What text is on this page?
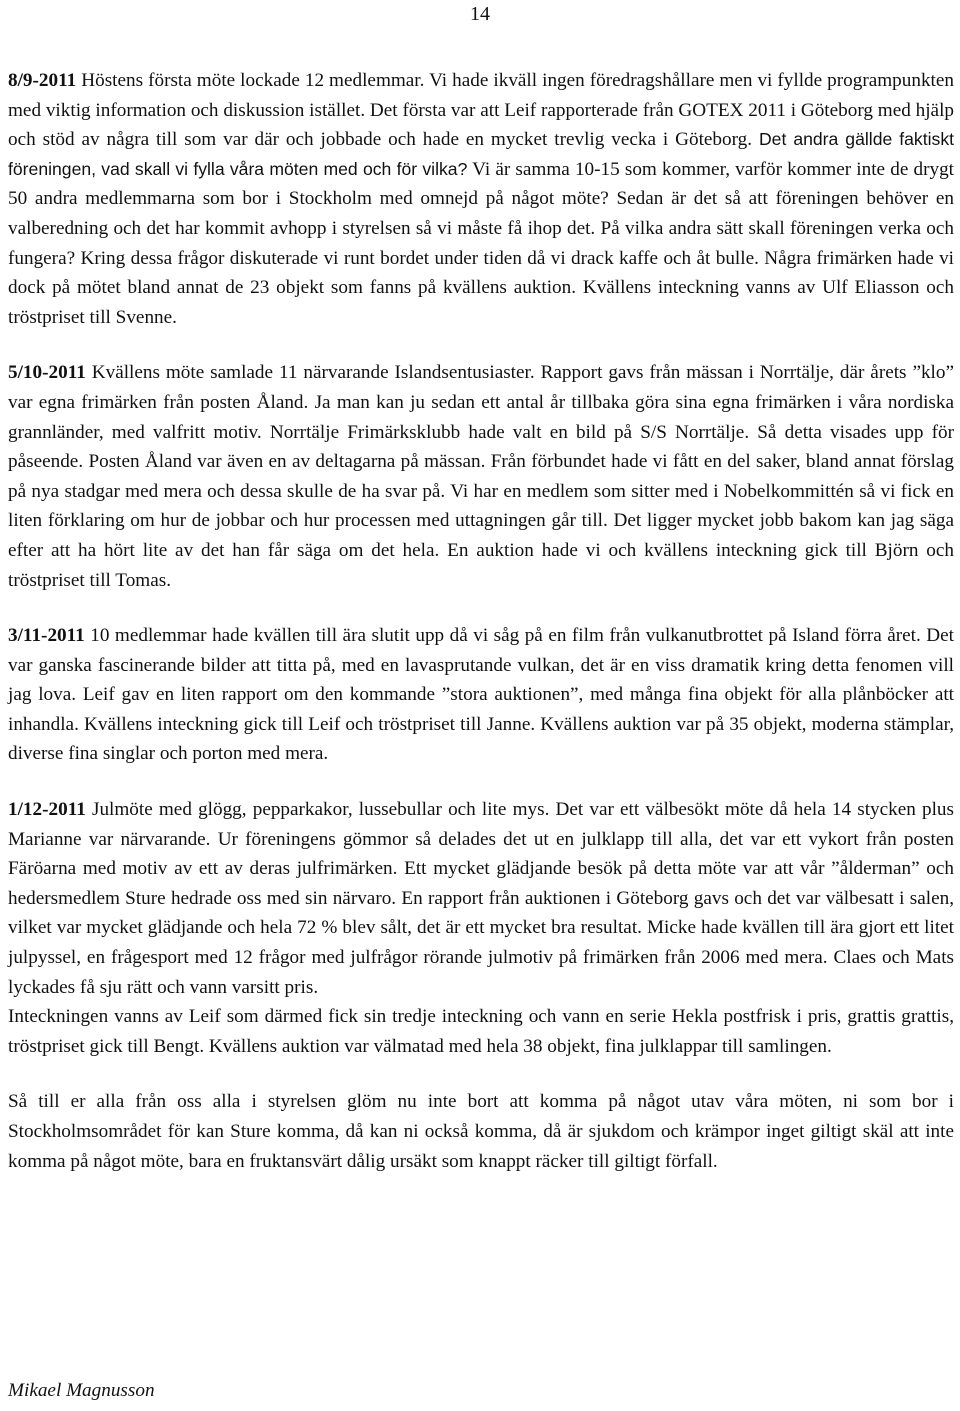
14

8/9-2011 Höstens första möte lockade 12 medlemmar. Vi hade ikväll ingen föredragshållare men vi fyllde programpunkten med viktig information och diskussion istället. Det första var att Leif rapporterade från GOTEX 2011 i Göteborg med hjälp och stöd av några till som var där och jobbade och hade en mycket trevlig vecka i Göteborg. Det andra gällde faktiskt föreningen, vad skall vi fylla våra möten med och för vilka? Vi är samma 10-15 som kommer, varför kommer inte de drygt 50 andra medlemmarna som bor i Stockholm med omnejd på något möte? Sedan är det så att föreningen behöver en valberedning och det har kommit avhopp i styrelsen så vi måste få ihop det. På vilka andra sätt skall föreningen verka och fungera? Kring dessa frågor diskuterade vi runt bordet under tiden då vi drack kaffe och åt bulle. Några frimärken hade vi dock på mötet bland annat de 23 objekt som fanns på kvällens auktion. Kvällens inteckning vanns av Ulf Eliasson och tröstpriset till Svenne.

5/10-2011 Kvällens möte samlade 11 närvarande Islandsentusiaster. Rapport gavs från mässan i Norrtälje, där årets ”klo” var egna frimärken från posten Åland. Ja man kan ju sedan ett antal år tillbaka göra sina egna frimärken i våra nordiska grannländer, med valfritt motiv. Norrtälje Frimärksklubb hade valt en bild på S/S Norrtälje. Så detta visades upp för påseende. Posten Åland var även en av deltagarna på mässan. Från förbundet hade vi fått en del saker, bland annat förslag på nya stadgar med mera och dessa skulle de ha svar på. Vi har en medlem som sitter med i Nobelkommittén så vi fick en liten förklaring om hur de jobbar och hur processen med uttagningen går till. Det ligger mycket jobb bakom kan jag säga efter att ha hört lite av det han får säga om det hela. En auktion hade vi och kvällens inteckning gick till Björn och tröstpriset till Tomas.

3/11-2011 10 medlemmar hade kvällen till ära slutit upp då vi såg på en film från vulkanutbrottet på Island förra året. Det var ganska fascinerande bilder att titta på, med en lavasprutande vulkan, det är en viss dramatik kring detta fenomen vill jag lova. Leif gav en liten rapport om den kommande ”stora auktionen”, med många fina objekt för alla plånböcker att inhandla. Kvällens inteckning gick till Leif och tröstpriset till Janne. Kvällens auktion var på 35 objekt, moderna stämplar, diverse fina singlar och porton med mera.

1/12-2011 Julmöte med glögg, pepparkakor, lussebullar och lite mys. Det var ett välbesökt möte då hela 14 stycken plus Marianne var närvarande. Ur föreningens gömmor så delades det ut en julklapp till alla, det var ett vykort från posten Färöarna med motiv av ett av deras julfrimärken. Ett mycket glädjande besök på detta möte var att vår ”ålderman” och hedersmedlem Sture hedrade oss med sin närvaro. En rapport från auktionen i Göteborg gavs och det var välbesatt i salen, vilket var mycket glädjande och hela 72 % blev sålt, det är ett mycket bra resultat. Micke hade kvällen till ära gjort ett litet julpyssel, en frågesport med 12 frågor med julfrågor rörande julmotiv på frimärken från 2006 med mera. Claes och Mats lyckades få sju rätt och vann varsitt pris.

Inteckningen vanns av Leif som därmed fick sin tredje inteckning och vann en serie Hekla postfrisk i pris, grattis grattis, tröstpriset gick till Bengt. Kvällens auktion var välmatad med hela 38 objekt, fina julklappar till samlingen.

Så till er alla från oss alla i styrelsen glöm nu inte bort att komma på något utav våra möten, ni som bor i Stockholmsområdet för kan Sture komma, då kan ni också komma, då är sjukdom och krämpor inget giltigt skäl att inte komma på något möte, bara en fruktansvärt dålig ursäkt som knappt räcker till giltigt förfall.

Mikael Magnusson
